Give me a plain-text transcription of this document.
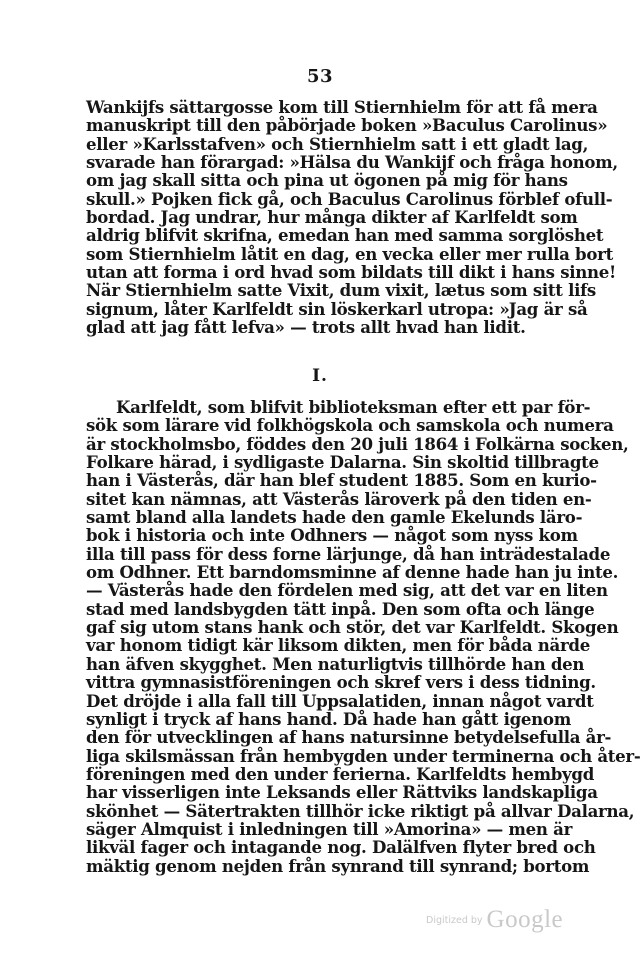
53
Wankijfs sättargosse kom till Stiernhielm för att få mera
manuskript till den påbörjade boken »Baculus Carolinus»
eller »Karlsstafven» och Stiernhielm satt i ett gladt lag,
svarade han förargad: »Hälsa du Wankijf och fråga honom,
om jag skall sitta och pina ut ögonen på mig för hans
skull.» Pojken fick gå, och Baculus Carolinus förblef ofull-
bordad. Jag undrar, hur många dikter af Karlfeldt som
aldrig blifvit skrifna, emedan han med samma sorglöshet
som Stiernhielm låtit en dag, en vecka eller mer rulla bort
utan att forma i ord hvad som bildats till dikt i hans sinne!
När Stiernhielm satte Vixit, dum vixit, lætus som sitt lifs
signum, låter Karlfeldt sin löskerkarl utropa: »Jag är så
glad att jag fått lefva» — trots allt hvad han lidit.
I.
Karlfeldt, som blifvit biblioteksman efter ett par för-
sök som lärare vid folkhögskola och samskola och numera
är stockholmsbo, föddes den 20 juli 1864 i Folkärna socken,
Folkare härad, i sydligaste Dalarna. Sin skoltid tillbragte
han i Västerås, där han blef student 1885. Som en kurio-
sitet kan nämnas, att Västerås läroverk på den tiden en-
samt bland alla landets hade den gamle Ekelunds läro-
bok i historia och inte Odhners — något som nyss kom
illa till pass för dess forne lärjunge, då han inträdestalade
om Odhner. Ett barndomsminne af denne hade han ju inte.
— Västerås hade den fördelen med sig, att det var en liten
stad med landsbygden tätt inpå. Den som ofta och länge
gaf sig utom stans hank och stör, det var Karlfeldt. Skogen
var honom tidigt kär liksom dikten, men för båda närde
han äfven skygghet. Men naturligtvis tillhörde han den
vittra gymnasistföreningen och skref vers i dess tidning.
Det dröjde i alla fall till Uppsalatiden, innan något vardt
synligt i tryck af hans hand. Då hade han gått igenom
den för utvecklingen af hans natursinne betydelsefulla år-
liga skilsmässan från hembygden under terminerna och åter-
föreningen med den under ferierna. Karlfeldts hembygd
har visserligen inte Leksands eller Rättviks landskapliga
skönhet — Sätertrakten tillhör icke riktigt på allvar Dalarna,
säger Almquist i inledningen till »Amorina» — men är
likväl fager och intagande nog. Dalälfven flyter bred och
mäktig genom nejden från synrand till synrand; bortom
Digitized by Google
